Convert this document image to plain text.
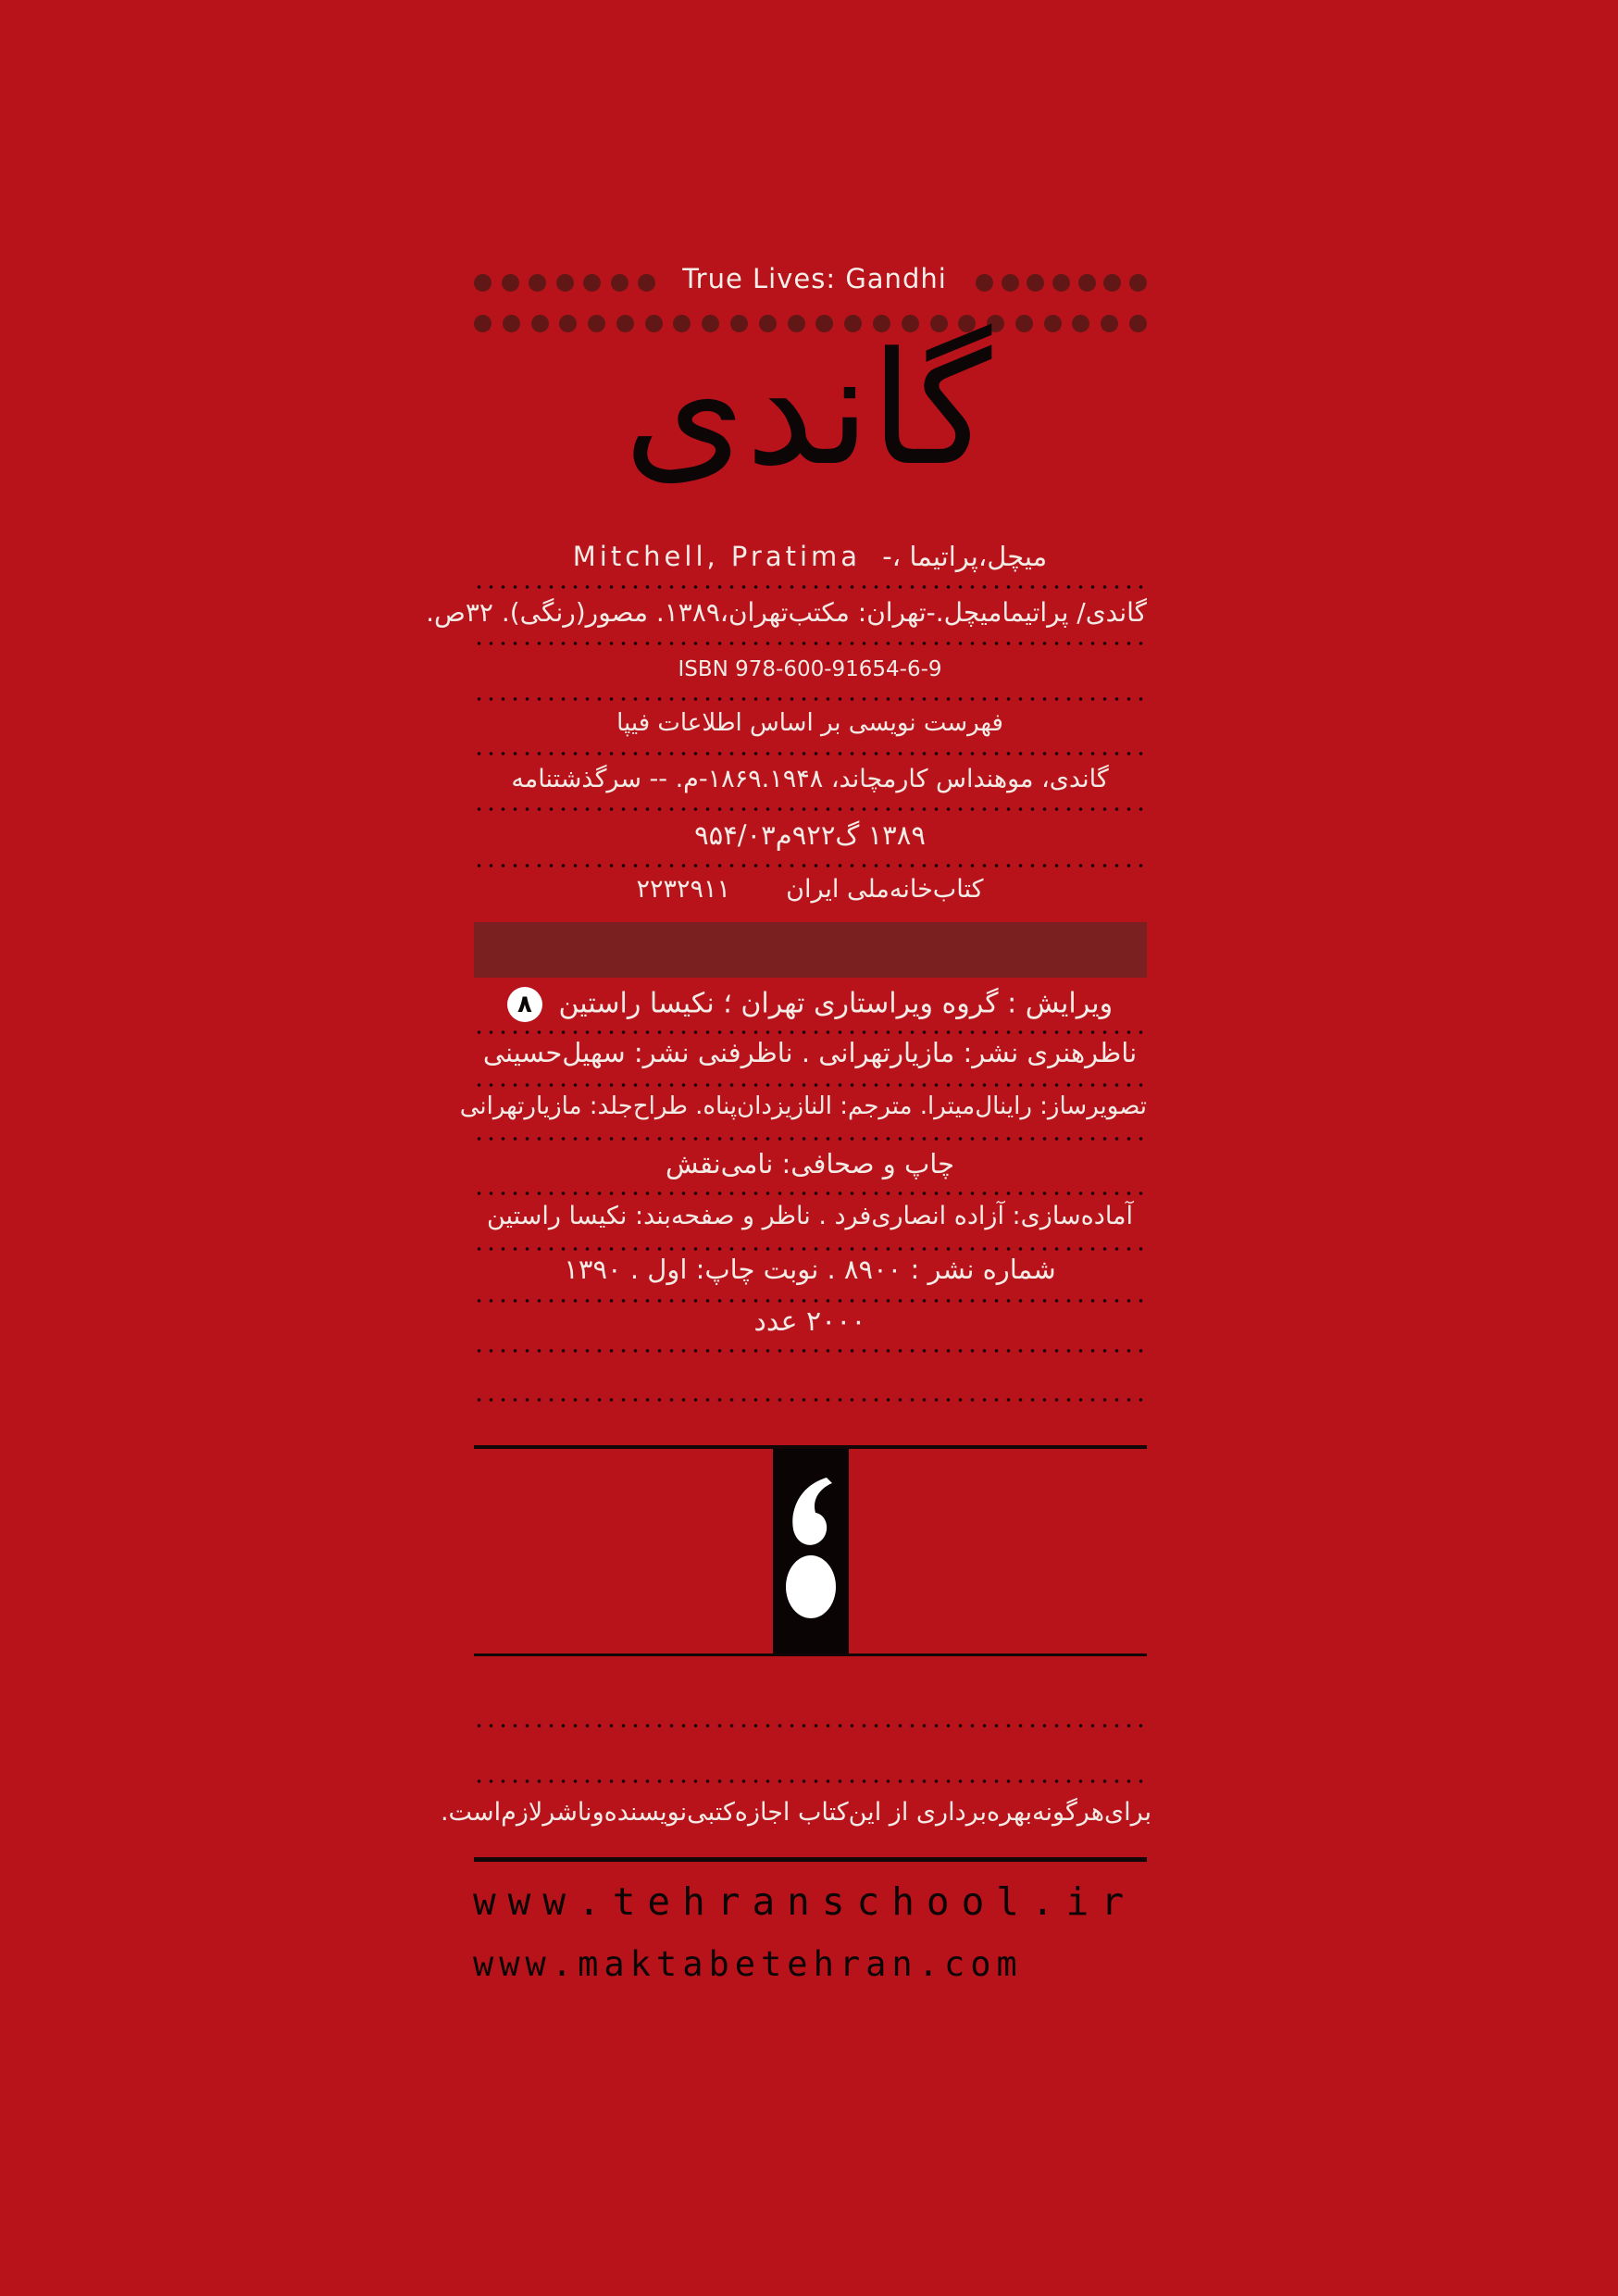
True Lives: Gandhi
گاندی
Mitchell, Pratima میچل،پراتیما ،-
گاندی/ پراتیمامیچل.-تهران: مکتب‌تهران،۱۳۸۹. مصور(رنگی). ۳۲ص.
ISBN 978-600-91654-6-9
فهرست نویسی بر اساس اطلاعات فیپا
گاندی، موهنداس کارمچاند، ۱۸۶۹.۱۹۴۸-م. -- سرگذشتنامه
۱۳۸۹ گ۹۲۲م۹۵۴/۰۳
کتاب‌خانه‌ملی ایران       ۲۲۳۲۹۱۱
ویرایش : گروه ویراستاری تهران ؛ نکیسا راستین ۸
ناظرهنری نشر: مازیارتهرانی . ناظرفنی نشر: سهیل‌حسینی
تصویرساز: راینال‌میترا. مترجم: النازیزدان‌پناه. طراح‌جلد: مازیارتهرانی
چاپ و صحافی: نامی‌نقش
آماده‌سازی: آزاده انصاری‌فرد . ناظر و صفحه‌بند: نکیسا راستین
شماره نشر : ۸۹۰۰ . نوبت چاپ: اول . ۱۳۹۰
۲۰۰۰ عدد
برای‌هرگونه‌بهره‌برداری‌ از این‌کتاب اجازه‌کتبی‌نویسنده‌وناشرلازم‌است.
www.tehranschool.ir
www.maktabetehran.com
